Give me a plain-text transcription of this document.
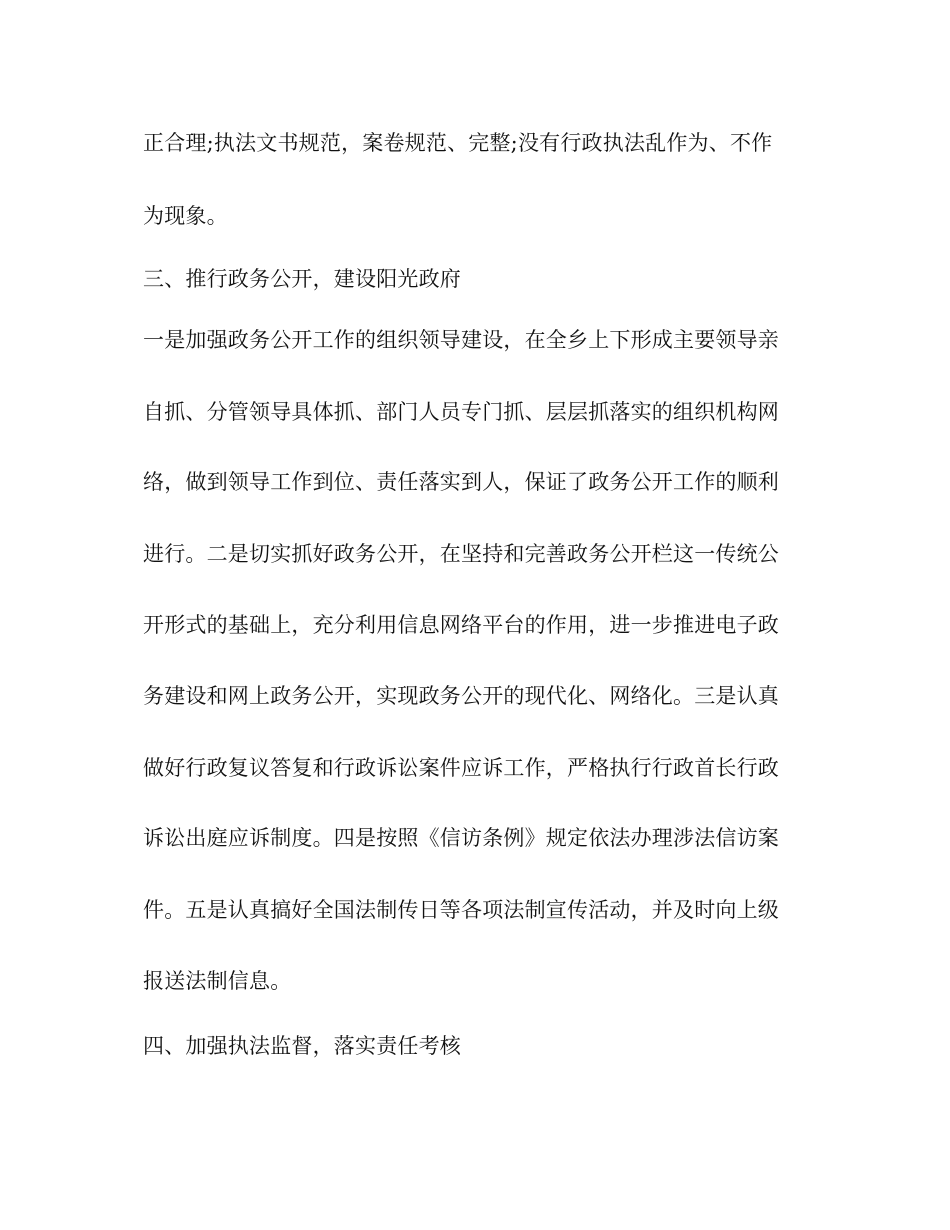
正合理;执法文书规范，案卷规范、完整;没有行政执法乱作为、不作
为现象。
三、推行政务公开，建设阳光政府
一是加强政务公开工作的组织领导建设，在全乡上下形成主要领导亲
自抓、分管领导具体抓、部门人员专门抓、层层抓落实的组织机构网
络，做到领导工作到位、责任落实到人，保证了政务公开工作的顺利
进行。二是切实抓好政务公开，在坚持和完善政务公开栏这一传统公
开形式的基础上，充分利用信息网络平台的作用，进一步推进电子政
务建设和网上政务公开，实现政务公开的现代化、网络化。三是认真
做好行政复议答复和行政诉讼案件应诉工作，严格执行行政首长行政
诉讼出庭应诉制度。四是按照《信访条例》规定依法办理涉法信访案
件。五是认真搞好全国法制传日等各项法制宣传活动，并及时向上级
报送法制信息。
四、加强执法监督，落实责任考核
